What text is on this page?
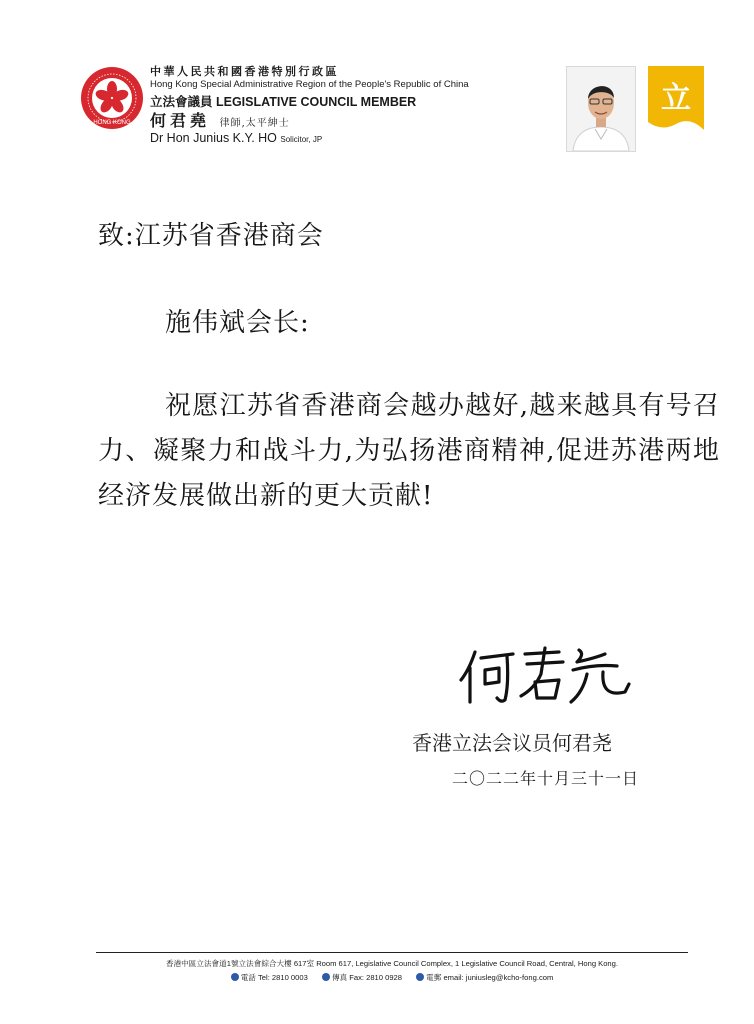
HONG KONG
中華人民共和國香港特別行政區
Hong Kong Special Administrative Region of the People's Republic of China
立法會議員 LEGISLATIVE COUNCIL MEMBER
何君堯 律師,太平紳士
Dr Hon Junius K.Y. HO Solicitor, JP
立
致:江苏省香港商会
施伟斌会长:
祝愿江苏省香港商会越办越好,越来越具有号召力、凝聚力和战斗力,为弘扬港商精神,促进苏港两地经济发展做出新的更大贡献!
香港立法会议员何君尧
二〇二二年十月三十一日
香港中區立法會道1號立法會綜合大樓 617室 Room 617, Legislative Council Complex, 1 Legislative Council Road, Central, Hong Kong.
電話 Tel: 2810 0003	傳真 Fax: 2810 0928	電郵 email: juniusleg@kcho-fong.com
